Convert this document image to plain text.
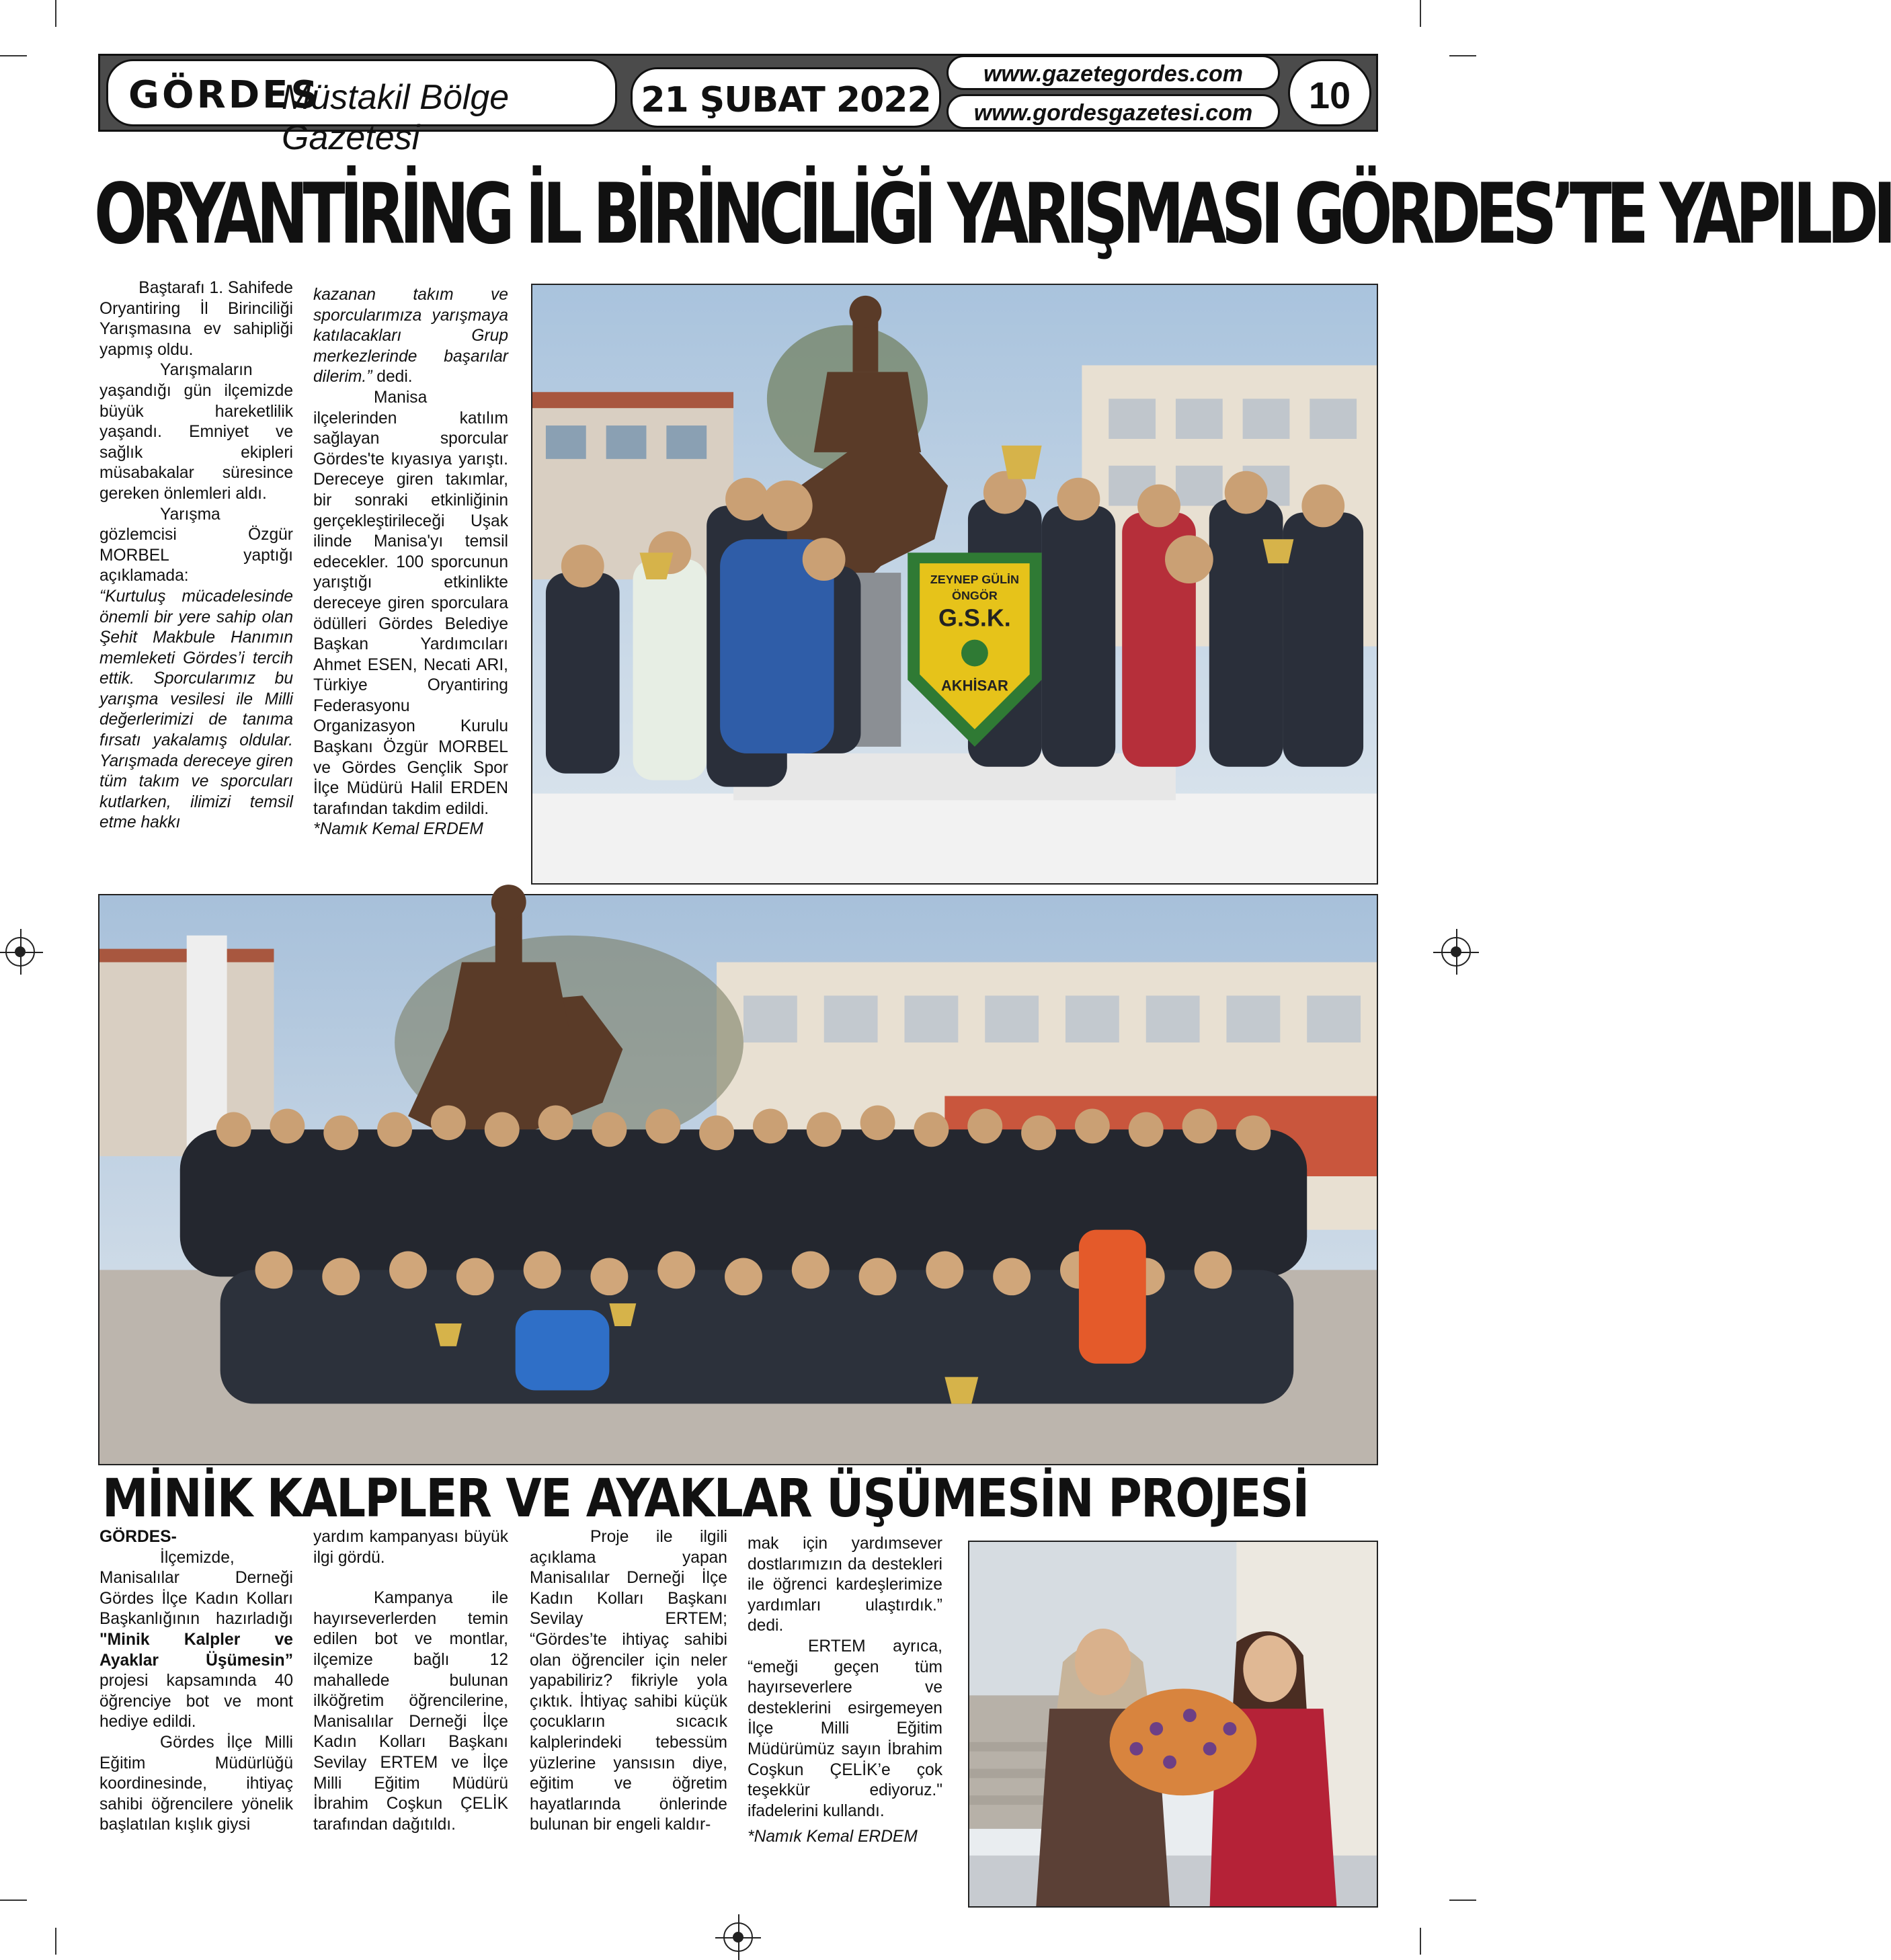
GÖRDES
Müstakil Bölge Gazetesi
21 ŞUBAT 2022
www.gazetegordes.com
www.gordesgazetesi.com	10
ORYANTİRİNG İL BİRİNCİLİĞİ YARIŞMASI GÖRDES’TE YAPILDI

Baştarafı 1. Sahifede

Oryantiring İl Birinciliği Yarışmasına ev sahipliği yapmış oldu.

Yarışmaların yaşandığı gün ilçemizde büyük hareketlilik yaşandı. Emniyet ve sağlık ekipleri müsabakalar süresince gereken önlemleri aldı.

Yarışma gözlemcisi Özgür MORBEL yaptığı açıklamada:

“Kurtuluş mücadelesinde önemli bir yere sahip olan Şehit Makbule Hanımın memleketi Gördes’i tercih ettik. Sporcularımız bu yarışma vesilesi ile Milli değerlerimizi de tanıma fırsatı yakalamış oldular. Yarışmada dereceye giren tüm takım ve sporcuları kutlarken, ilimizi temsil etme hakkı

kazanan takım ve sporcularımıza yarışmaya katılacakları Grup merkezlerinde başarılar dilerim.” dedi.

Manisa ilçelerinden katılım sağlayan sporcular Gördes'te kıyasıya yarıştı. Dereceye giren takımlar, bir sonraki etkinliğinin gerçekleştirileceği Uşak ilinde Manisa'yı temsil edecekler. 100 sporcunun yarıştığı etkinlikte dereceye giren sporculara ödülleri Gördes Belediye Başkan Yardımcıları Ahmet ESEN, Necati ARI, Türkiye Oryantiring Federasyonu Organizasyon Kurulu Başkanı Özgür MORBEL ve Gördes Gençlik Spor İlçe Müdürü Halil ERDEN tarafından takdim edildi.

*Namık Kemal ERDEM

ZEYNEP GÜLİN
ÖNGÖR
G.S.K.
AKHİSAR
MİNİK KALPLER VE AYAKLAR ÜŞÜMESİN PROJESİ

GÖRDES-

İlçemizde, Manisalılar Derneği Gördes İlçe Kadın Kolları Başkanlığının hazırladığı "Minik Kalpler ve Ayaklar Üşümesin” projesi kapsamında 40 öğrenciye bot ve mont hediye edildi.

Gördes İlçe Milli Eğitim Müdürlüğü koordinesinde, ihtiyaç sahibi öğrencilere yönelik başlatılan kışlık giysi

yardım kampanyası büyük ilgi gördü.

Kampanya ile hayırseverlerden temin edilen bot ve montlar, ilçemize bağlı 12 mahallede bulunan ilköğretim öğrencilerine, Manisalılar Derneği İlçe Kadın Kolları Başkanı Sevilay ERTEM ve İlçe Milli Eğitim Müdürü İbrahim Coşkun ÇELİK tarafından dağıtıldı.

Proje ile ilgili açıklama yapan Manisalılar Derneği İlçe Kadın Kolları Başkanı Sevilay ERTEM; “Gördes’te ihtiyaç sahibi olan öğrenciler için neler yapabiliriz? fikriyle yola çıktık. İhtiyaç sahibi küçük çocukların sıcacık kalplerindeki tebessüm yüzlerine yansısın diye, eğitim ve öğretim hayatlarında önlerinde bulunan bir engeli kaldır-

mak için yardımsever dostlarımızın da destekleri ile öğrenci kardeşlerimize yardımları ulaştırdık.” dedi.

ERTEM ayrıca, “emeği geçen tüm hayırseverlere ve desteklerini esirgemeyen İlçe Milli Eğitim Müdürümüz sayın İbrahim Coşkun ÇELİK’e çok teşekkür ediyoruz." ifadelerini kullandı.

*Namık Kemal ERDEM
